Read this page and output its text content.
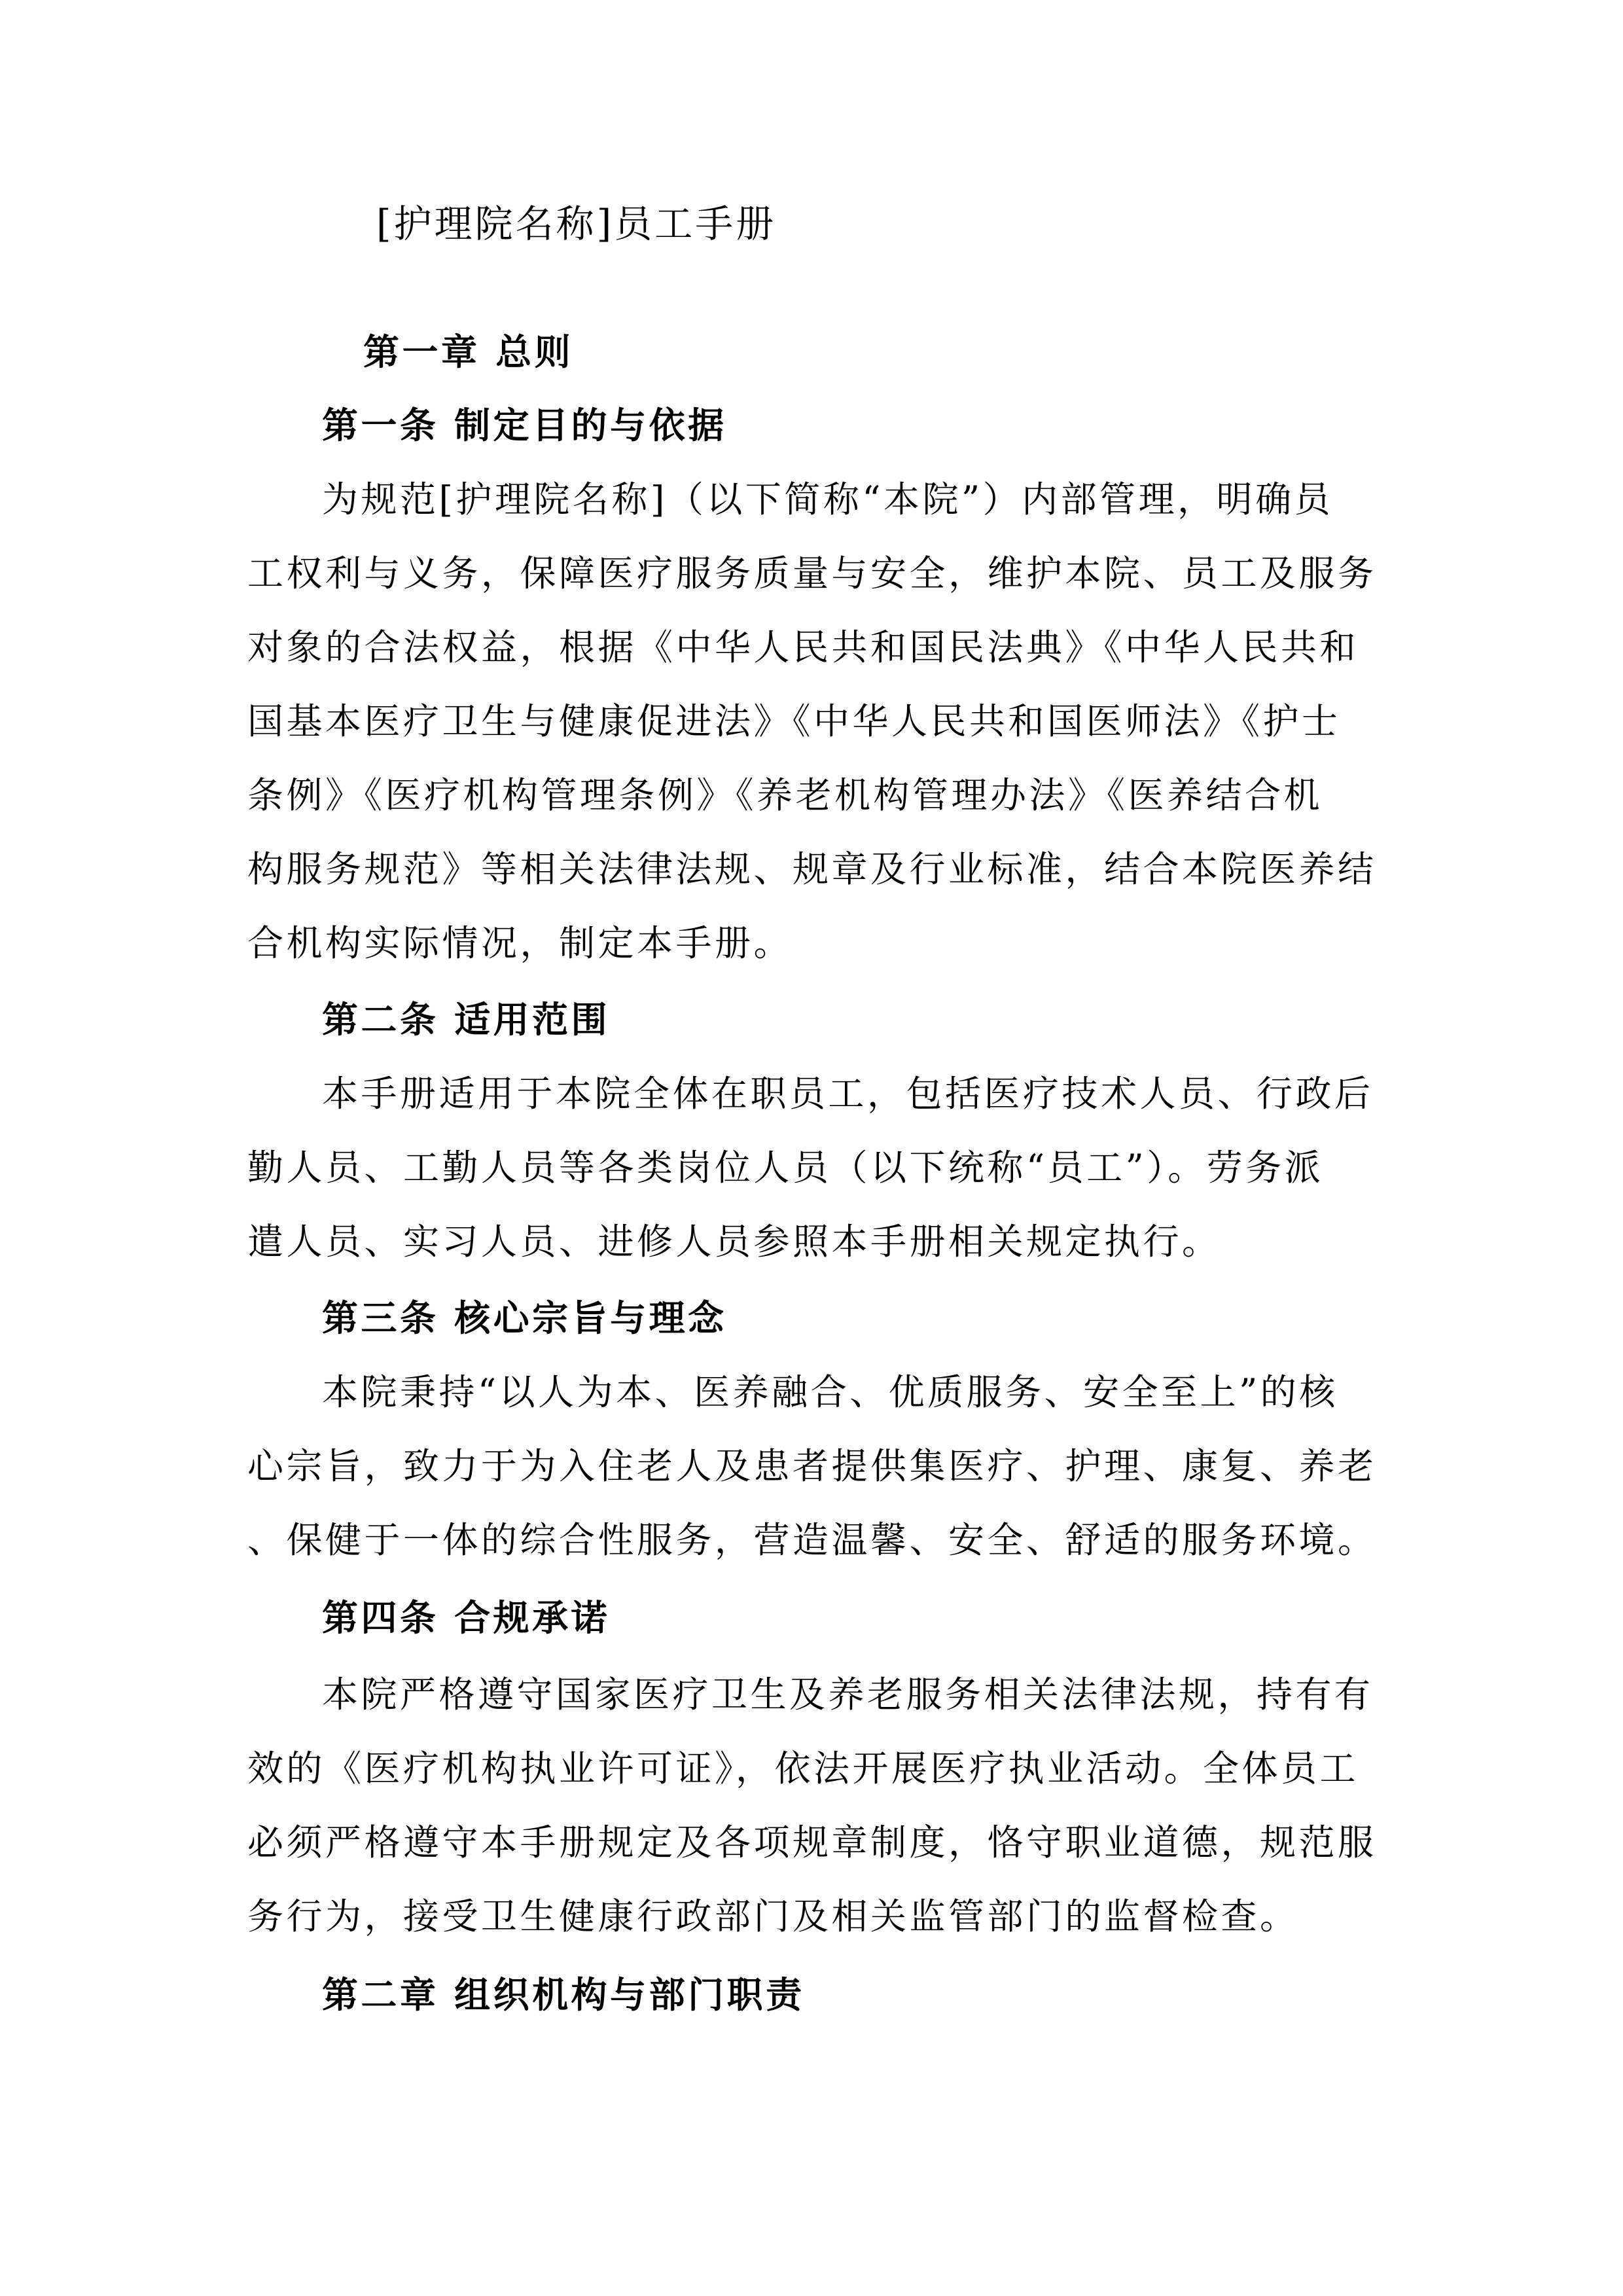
[护理院名称]员工手册
第一章 总则
第一条 制定目的与依据
为规范[护理院名称]（以下简称“本院”）内部管理，明确员
工权利与义务，保障医疗服务质量与安全，维护本院、员工及服务
对象的合法权益，根据《中华人民共和国民法典》《中华人民共和
国基本医疗卫生与健康促进法》《中华人民共和国医师法》《护士
条例》《医疗机构管理条例》《养老机构管理办法》《医养结合机
构服务规范》等相关法律法规、规章及行业标准，结合本院医养结
合机构实际情况，制定本手册。
第二条 适用范围
本手册适用于本院全体在职员工，包括医疗技术人员、行政后
勤人员、工勤人员等各类岗位人员（以下统称“员工”）。劳务派
遣人员、实习人员、进修人员参照本手册相关规定执行。
第三条 核心宗旨与理念
本院秉持“以人为本、医养融合、优质服务、安全至上”的核
心宗旨，致力于为入住老人及患者提供集医疗、护理、康复、养老
、保健于一体的综合性服务，营造温馨、安全、舒适的服务环境。
第四条 合规承诺
本院严格遵守国家医疗卫生及养老服务相关法律法规，持有有
效的《医疗机构执业许可证》，依法开展医疗执业活动。全体员工
必须严格遵守本手册规定及各项规章制度，恪守职业道德，规范服
务行为，接受卫生健康行政部门及相关监管部门的监督检查。
第二章 组织机构与部门职责
